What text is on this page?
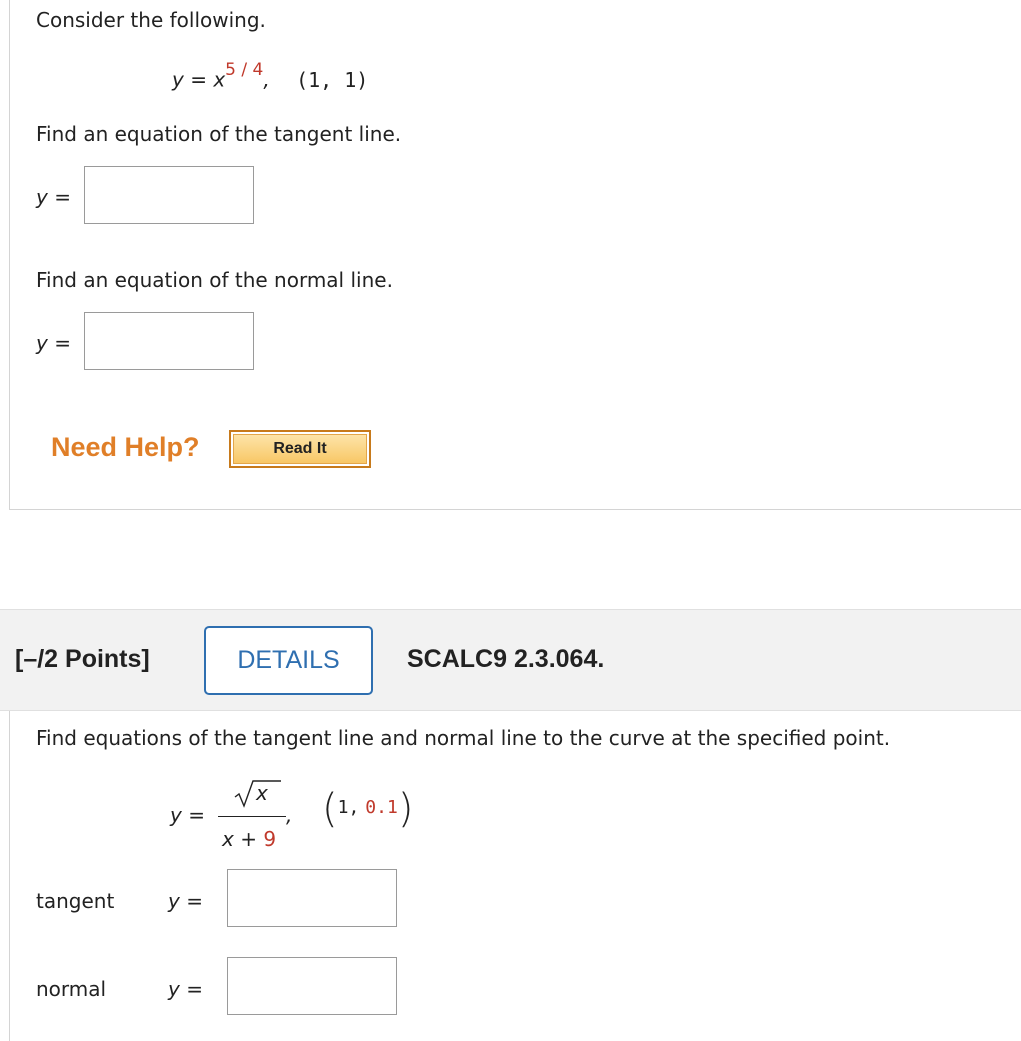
Consider the following.
$y = x^{5 / 4}$, (1, 1)
Find an equation of the tangent line.
y =
Find an equation of the normal line.
y =
Need Help?	Read It
[–/2 Points]	DETAILS	SCALC9 2.3.064.
Find equations of the tangent line and normal line to the curve at the specified point.
y =
x
x + 9
, (1, 0.1)
tangent	y =
normal	y =
